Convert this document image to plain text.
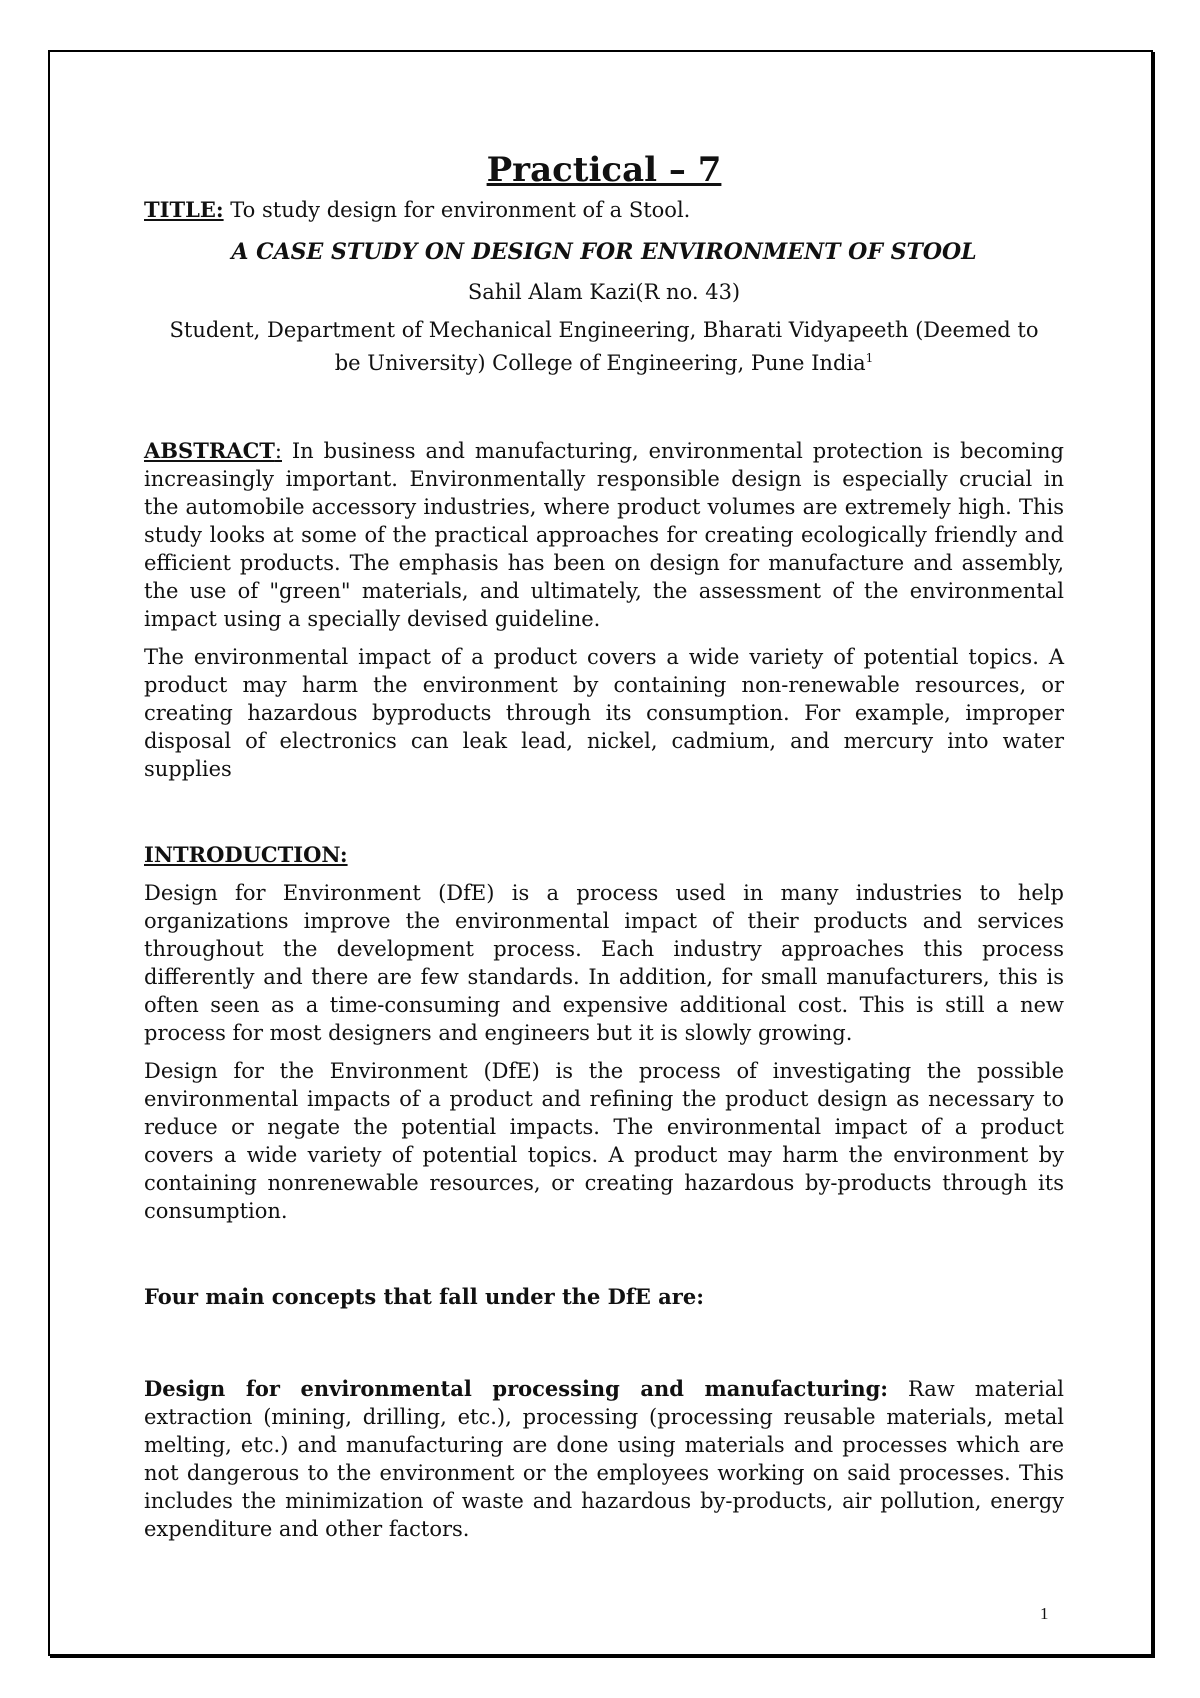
Practical – 7
TITLE: To study design for environment of a Stool.
A CASE STUDY ON DESIGN FOR ENVIRONMENT OF STOOL
Sahil Alam Kazi(R no. 43)
Student, Department of Mechanical Engineering, Bharati Vidyapeeth (Deemed to
be University) College of Engineering, Pune India$^1$

ABSTRACT: In business and manufacturing, environmental protection is becoming increasingly important. Environmentally responsible design is especially crucial in the automobile accessory industries, where product volumes are extremely high. This study looks at some of the practical approaches for creating ecologically friendly and efficient products. The emphasis has been on design for manufacture and assembly, the use of "green" materials, and ultimately, the assessment of the environmental impact using a specially devised guideline.

The environmental impact of a product covers a wide variety of potential topics. A product may harm the environment by containing non-renewable resources, or creating hazardous byproducts through its consumption. For example, improper disposal of electronics can leak lead, nickel, cadmium, and mercury into water supplies

INTRODUCTION:

Design for Environment (DfE) is a process used in many industries to help organizations improve the environmental impact of their products and services throughout the development process. Each industry approaches this process differently and there are few standards. In addition, for small manufacturers, this is often seen as a time-consuming and expensive additional cost. This is still a new process for most designers and engineers but it is slowly growing.

Design for the Environment (DfE) is the process of investigating the possible environmental impacts of a product and refining the product design as necessary to reduce or negate the potential impacts. The environmental impact of a product covers a wide variety of potential topics. A product may harm the environment by containing nonrenewable resources, or creating hazardous by-products through its consumption.

Four main concepts that fall under the DfE are:

Design for environmental processing and manufacturing: Raw material extraction (mining, drilling, etc.), processing (processing reusable materials, metal melting, etc.) and manufacturing are done using materials and processes which are not dangerous to the environment or the employees working on said processes. This includes the minimization of waste and hazardous by-products, air pollution, energy expenditure and other factors.

1
